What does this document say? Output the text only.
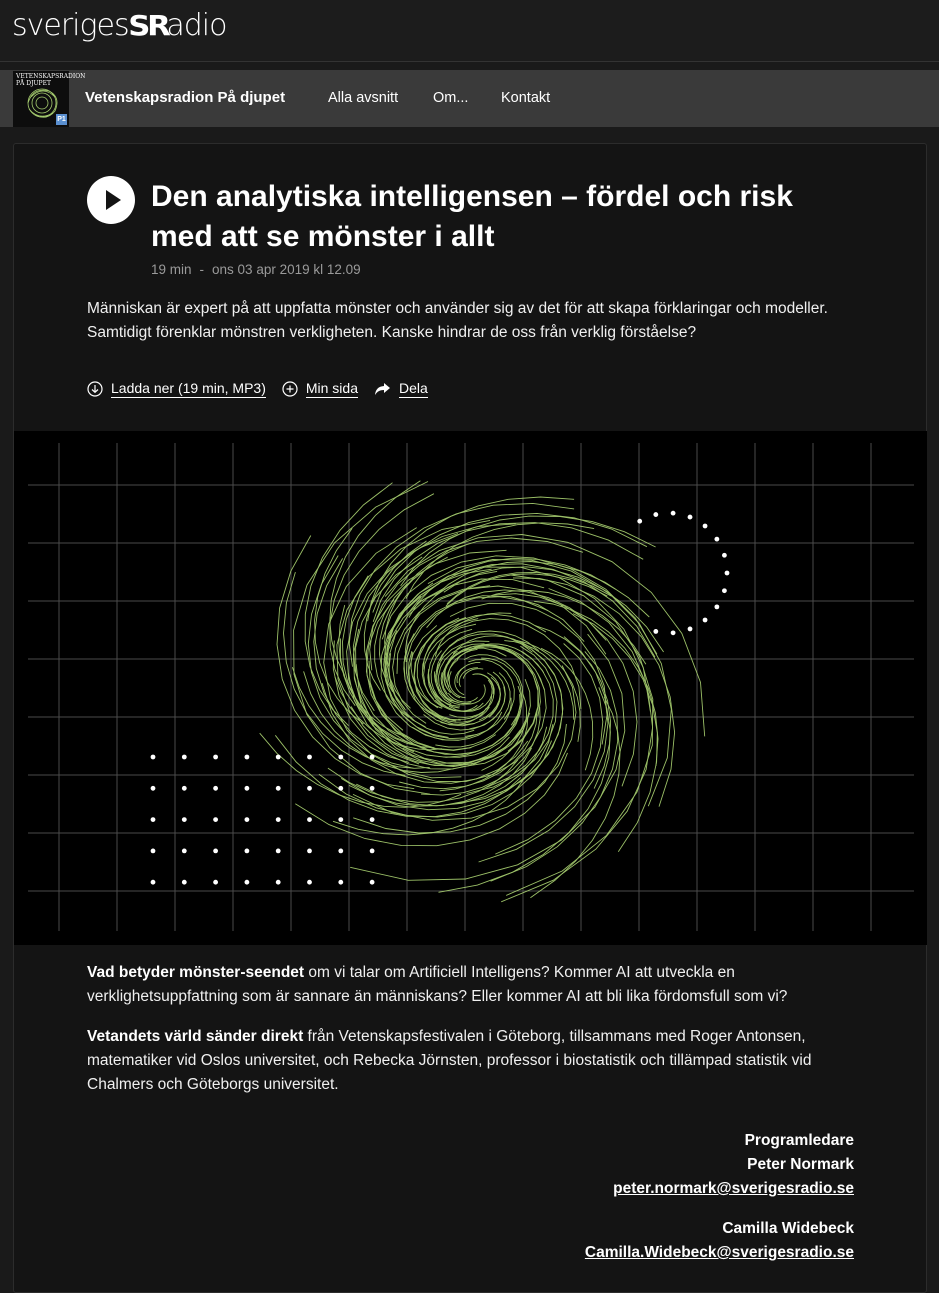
sveriges SR adio
VETENSKAPSRADION
PÅ DJUPET
P1
Vetenskapsradion På djupet	Alla avsnitt Om... Kontakt
Den analytiska intelligensen – fördel och risk med att se mönster i allt
19 min - ons 03 apr 2019 kl 12.09

Människan är expert på att uppfatta mönster och använder sig av det för att skapa förklaringar och modeller. Samtidigt förenklar mönstren verkligheten. Kanske hindrar de oss från verklig förståelse?

Ladda ner (19 min, MP3)	Min sida	Dela

Vad betyder mönster-seendet om vi talar om Artificiell Intelligens? Kommer AI att utveckla en verklighetsuppfattning som är sannare än människans? Eller kommer AI att bli lika fördomsfull som vi?

Vetandets värld sänder direkt från Vetenskapsfestivalen i Göteborg, tillsammans med Roger Antonsen, matematiker vid Oslos universitet, och Rebecka Jörnsten, professor i biostatistik och tillämpad statistik vid Chalmers och Göteborgs universitet.

Programledare
Peter Normark
peter.normark@sverigesradio.se
Camilla Widebeck
Camilla.Widebeck@sverigesradio.se
